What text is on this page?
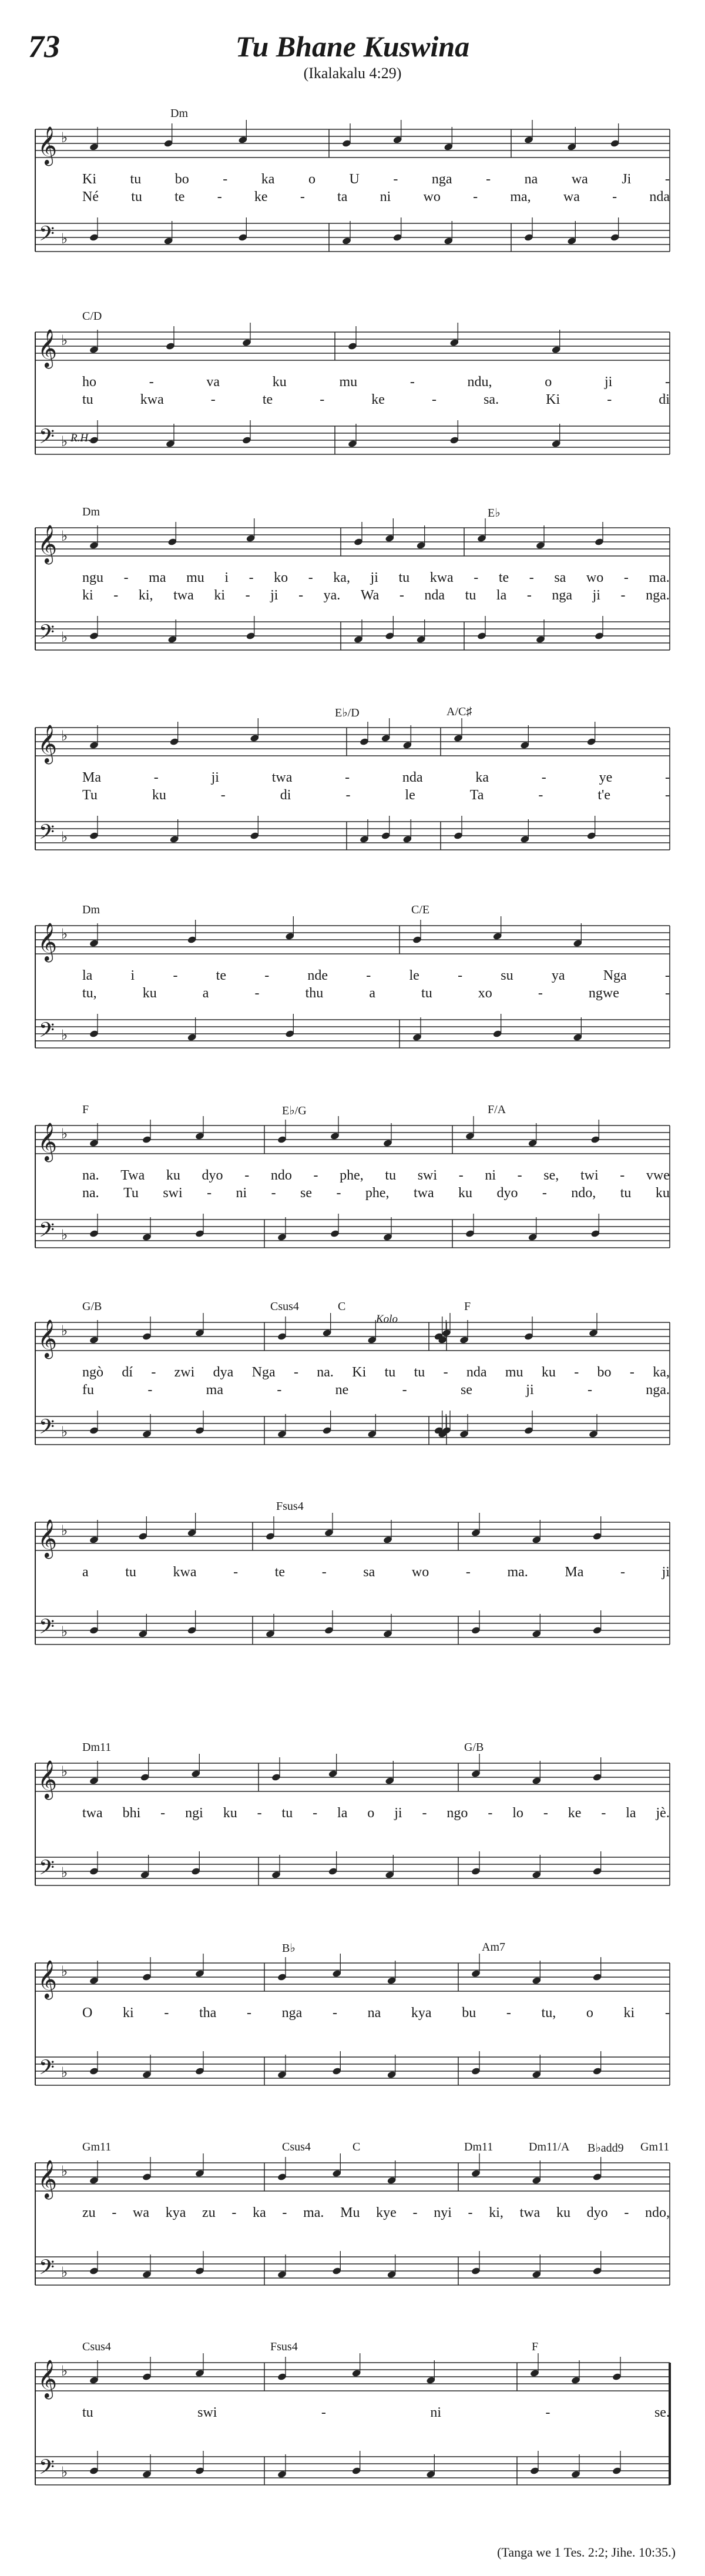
73	Tu Bhane Kuswina
(Ikalakalu 4:29)
𝄞
𝄢
♭
♭
Dm
Ki tu bo - ka o U - nga - na wa Ji -
Né tu te - ke - ta ni wo - ma, wa - nda
𝄞
𝄢
♭
♭
C/D
R.H.
ho	-	va	ku	mu	-	ndu,	o	ji	-
tu	kwa	-	te	-	ke	-	sa.	Ki	-	di
𝄞
𝄢
♭
♭
Dm	E♭
ngu - ma mu i - ko - ka, ji tu kwa - te - sa wo - ma.
ki - ki, twa ki - ji - ya. Wa - nda tu la - nga ji - nga.
𝄞
𝄢
♭
♭
E♭/D	A/C♯
Ma	-	ji	twa	-	nda	ka	-	ye	-
Tu	ku	-	di	-	le	Ta	-	t'e	-
𝄞
𝄢
♭
♭
Dm	C/E
la	i	-	te	-	nde	-	le	-	su	ya	Nga	-
tu,	ku	a	-	thu	a	tu	xo	-	ngwe	-
𝄞
𝄢
♭
♭
F	E♭/G	F/A
na. Twa ku dyo - ndo - phe, tu swi - ni - se, twi - vwe
na. Tu swi - ni - se - phe, twa ku dyo - ndo, tu ku
𝄞
𝄢
♭
♭
G/B	Csus4	C	F
Kolo
ngò dí - zwi dya Nga - na. Ki tu tu - nda mu ku - bo - ka,
fu	-	ma	-	ne	-	se	ji	-	nga.
𝄞
𝄢
♭
♭
Fsus4
a	tu	kwa	-	te	-	sa	wo	-	ma.	Ma	-	ji
𝄞
𝄢
♭
♭
Dm11	G/B
twa bhi - ngi ku - tu - la o ji - ngo - lo - ke - la jè.
𝄞
𝄢
♭
♭
B♭	Am7
O ki - tha - nga - na kya bu - tu, o ki -
𝄞
𝄢
♭
♭
Gm11	Csus4	C	Dm11	Dm11/A B♭add9 Gm11
zu - wa kya zu - ka - ma. Mu kye - nyi - ki, twa ku dyo - ndo,
𝄞
𝄢
♭
♭
Csus4	Fsus4	F
tu	swi	-	ni	-	se.
(Tanga we 1 Tes. 2:2; Jihe. 10:35.)
